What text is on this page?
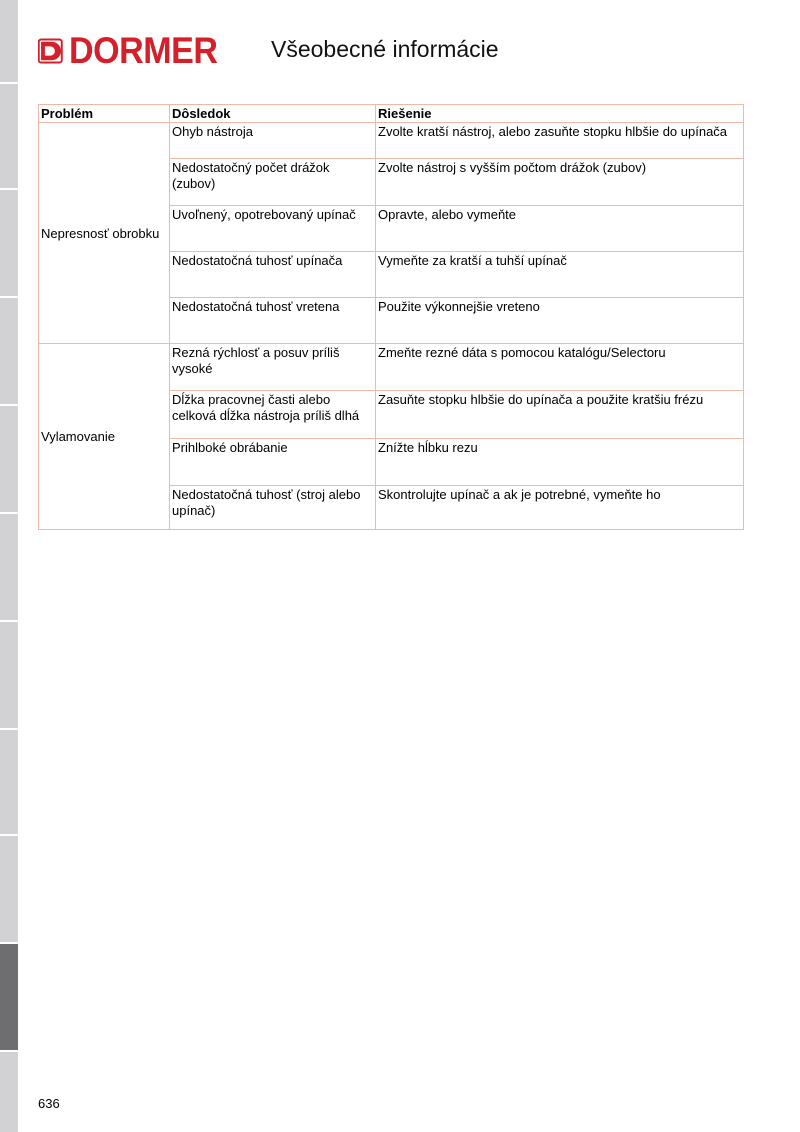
DORMER Všeobecné informácie
Problém	Dôsledok	Riešenie
Nepresnosť obrobku	Ohyb nástroja	Zvolte kratší nástroj, alebo zasuňte stopku hlbšie do upínača
	Nedostatočný počet drážok (zubov)	Zvolte nástroj s vyšším počtom drážok (zubov)
	Uvoľnený, opotrebovaný upínač	Opravte, alebo vymeňte
	Nedostatočná tuhosť upínača	Vymeňte za kratší a tuhší upínač
	Nedostatočná tuhosť vretena	Použite výkonnejšie vreteno
Vylamovanie	Rezná rýchlosť a posuv príliš vysoké	Zmeňte rezné dáta s pomocou katalógu/Selectoru
	Dĺžka pracovnej časti alebo celková dĺžka nástroja príliš dlhá	Zasuňte stopku hlbšie do upínača a použite kratšiu frézu
	Prihlboké obrábanie	Znížte hĺbku rezu
	Nedostatočná tuhosť (stroj alebo upínač)	Skontrolujte upínač a ak je potrebné, vymeňte ho
636
